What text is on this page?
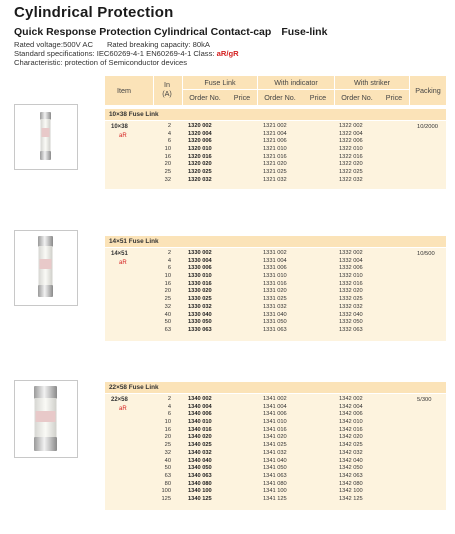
Cylindrical Protection
Quick Response Protection Cylindrical Contact-cap Fuse-link
Rated voltage:500V AC Rated breaking capacity: 80kA
Standard specifications: IEC60269-4-1 EN60269-4-1 Class: aR/gR
Characteristic: protection of Semiconductor devices
Item
In
(A)
Fuse Link	With indicator	With striker
Packing
Order No.	Price	Order No.	Price	Order No.	Price
10×38 Fuse Link
10×38
aR
10/2000
2	1320 002	1321 002	1322 002
4	1320 004	1321 004	1322 004
6	1320 006	1321 006	1322 006
10	1320 010	1321 010	1322 010
16	1320 016	1321 016	1322 016
20	1320 020	1321 020	1322 020
25	1320 025	1321 025	1322 025
32	1320 032	1321 032	1322 032
14×51 Fuse Link
14×51
aR
10/500
2	1330 002	1331 002	1332 002
4	1330 004	1331 004	1332 004
6	1330 006	1331 006	1332 006
10	1330 010	1331 010	1332 010
16	1330 016	1331 016	1332 016
20	1330 020	1331 020	1332 020
25	1330 025	1331 025	1332 025
32	1330 032	1331 032	1332 032
40	1330 040	1331 040	1332 040
50	1330 050	1331 050	1332 050
63	1330 063	1331 063	1332 063
22×58 Fuse Link
22×58
aR
5/300
2	1340 002	1341 002	1342 002
4	1340 004	1341 004	1342 004
6	1340 006	1341 006	1342 006
10	1340 010	1341 010	1342 010
16	1340 016	1341 016	1342 016
20	1340 020	1341 020	1342 020
25	1340 025	1341 025	1342 025
32	1340 032	1341 032	1342 032
40	1340 040	1341 040	1342 040
50	1340 050	1341 050	1342 050
63	1340 063	1341 063	1342 063
80	1340 080	1341 080	1342 080
100	1340 100	1341 100	1342 100
125	1340 125	1341 125	1342 125
